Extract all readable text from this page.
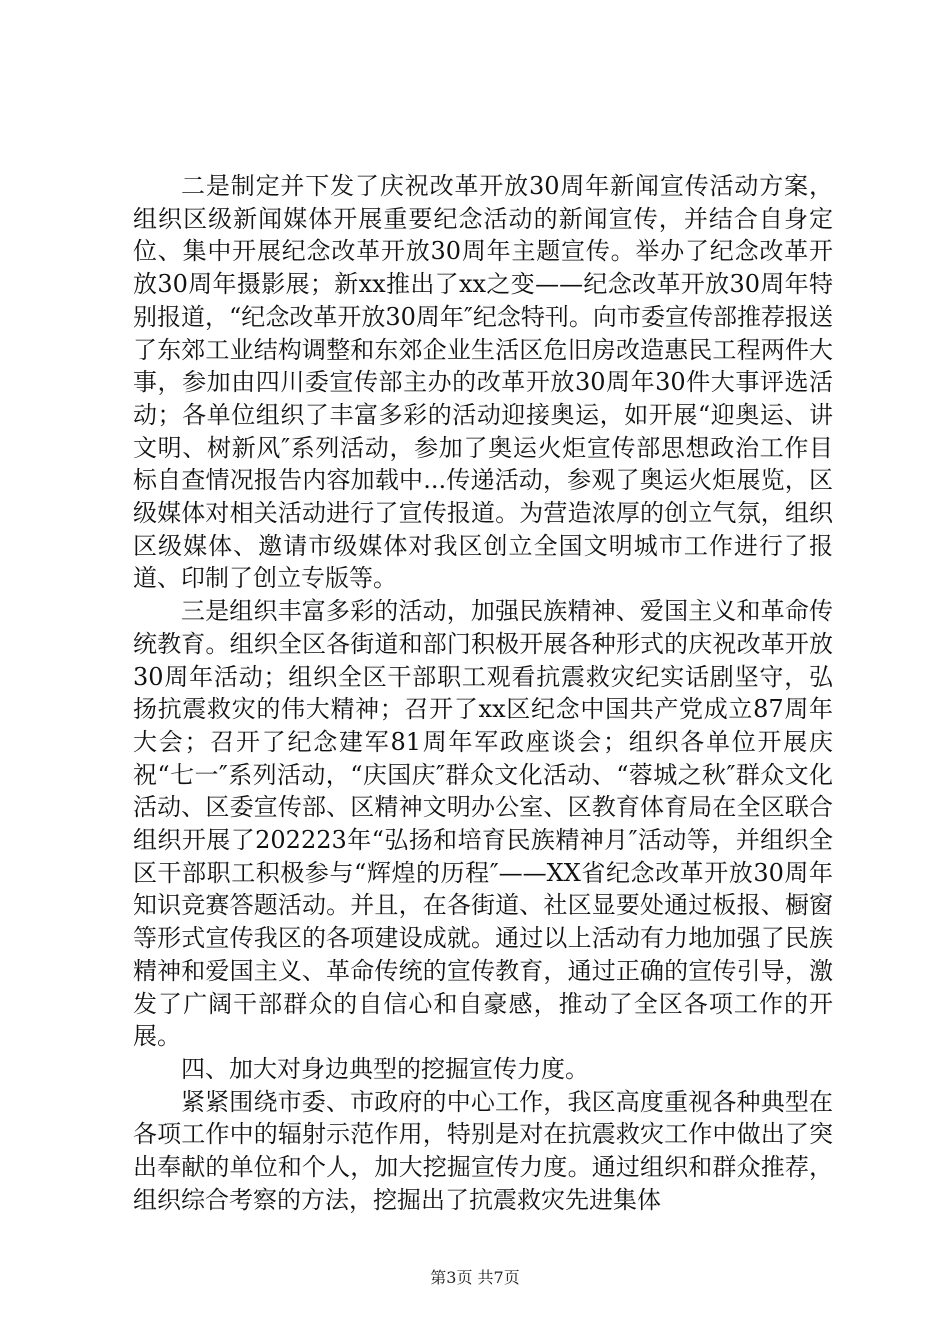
二是制定并下发了庆祝改革开放30周年新闻宣传活动方案，组织区级新闻媒体开展重要纪念活动的新闻宣传，并结合自身定位、集中开展纪念改革开放30周年主题宣传。举办了纪念改革开放30周年摄影展；新xx推出了xx之变——纪念改革开放30周年特别报道，“纪念改革开放30周年″纪念特刊。向市委宣传部推荐报送了东郊工业结构调整和东郊企业生活区危旧房改造惠民工程两件大事，参加由四川委宣传部主办的改革开放30周年30件大事评选活动；各单位组织了丰富多彩的活动迎接奥运，如开展“迎奥运、讲文明、树新风″系列活动，参加了奥运火炬宣传部思想政治工作目标自查情况报告内容加载中...传递活动，参观了奥运火炬展览，区级媒体对相关活动进行了宣传报道。为营造浓厚的创立气氛，组织区级媒体、邀请市级媒体对我区创立全国文明城市工作进行了报道、印制了创立专版等。

三是组织丰富多彩的活动，加强民族精神、爱国主义和革命传统教育。组织全区各街道和部门积极开展各种形式的庆祝改革开放30周年活动；组织全区干部职工观看抗震救灾纪实话剧坚守，弘扬抗震救灾的伟大精神；召开了xx区纪念中国共产党成立87周年大会；召开了纪念建军81周年军政座谈会；组织各单位开展庆祝“七一″系列活动，“庆国庆″群众文化活动、“蓉城之秋″群众文化活动、区委宣传部、区精神文明办公室、区教育体育局在全区联合组织开展了202223年“弘扬和培育民族精神月″活动等，并组织全区干部职工积极参与“辉煌的历程″——XX省纪念改革开放30周年知识竞赛答题活动。并且，在各街道、社区显要处通过板报、橱窗等形式宣传我区的各项建设成就。通过以上活动有力地加强了民族精神和爱国主义、革命传统的宣传教育，通过正确的宣传引导，激发了广阔干部群众的自信心和自豪感，推动了全区各项工作的开展。

四、加大对身边典型的挖掘宣传力度。

紧紧围绕市委、市政府的中心工作，我区高度重视各种典型在各项工作中的辐射示范作用，特别是对在抗震救灾工作中做出了突出奉献的单位和个人，加大挖掘宣传力度。通过组织和群众推荐，组织综合考察的方法，挖掘出了抗震救灾先进集体

第3页 共7页
